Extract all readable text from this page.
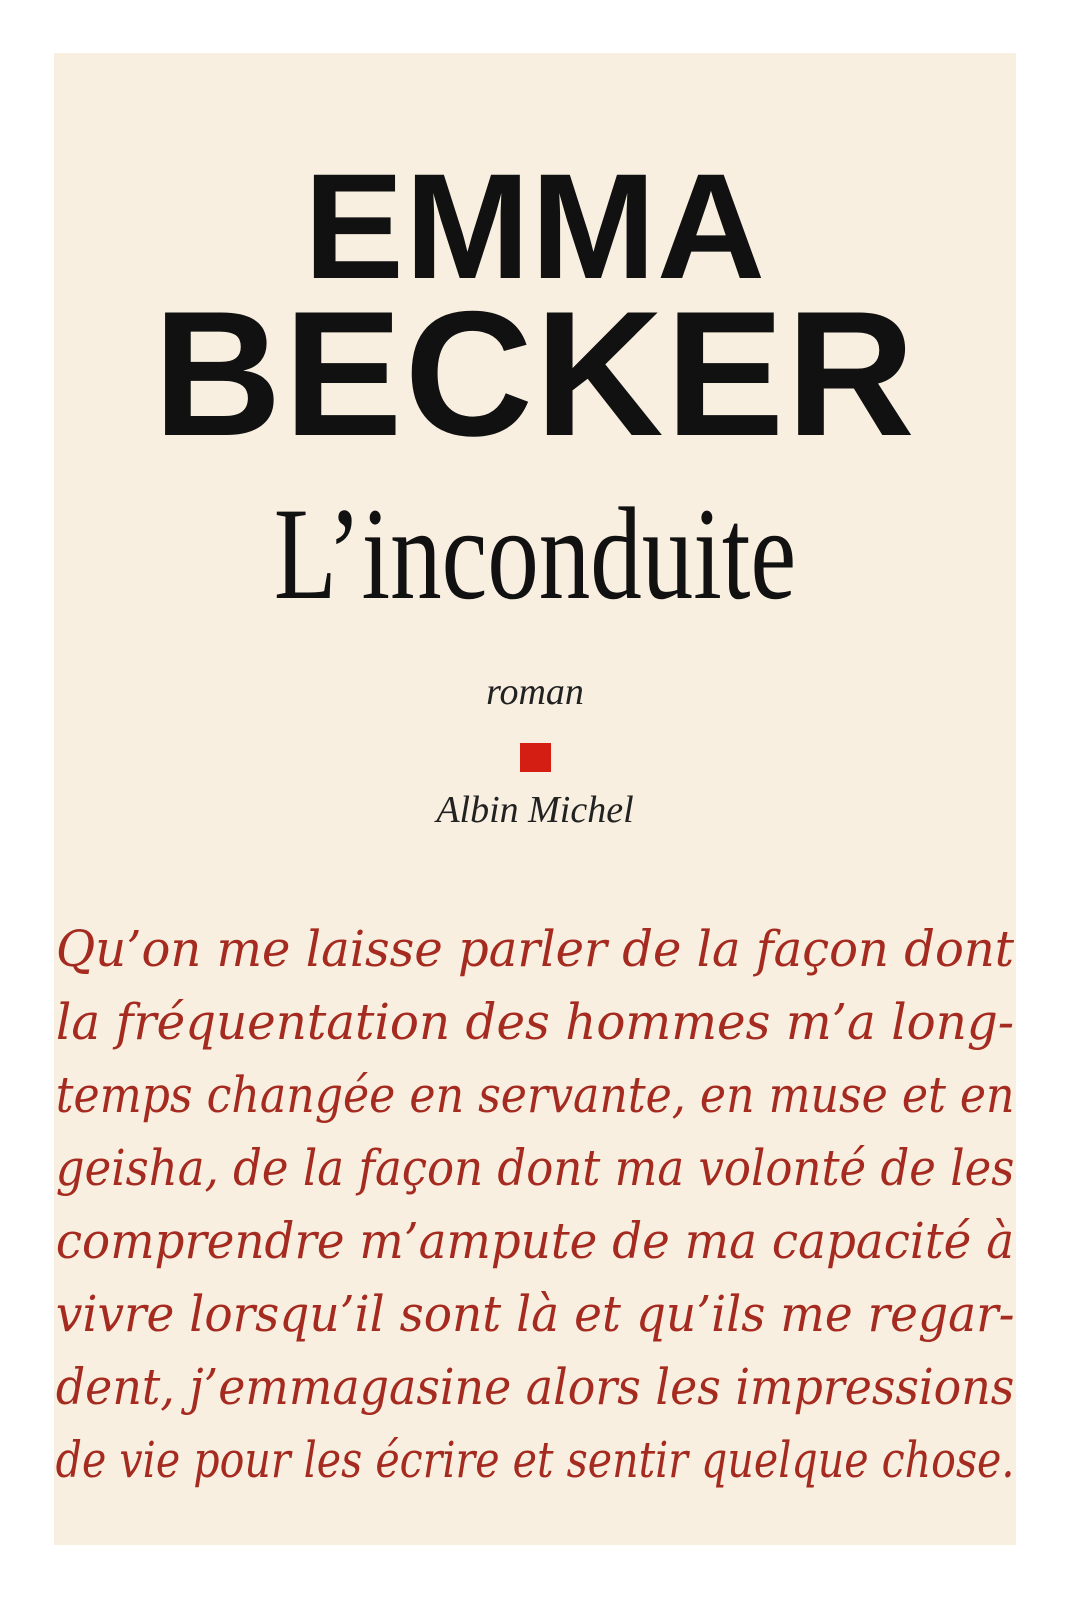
EMMA
BECKER
L’inconduite
roman
Albin Michel
Qu’on me laisse parler de la façon dont
la fréquentation des hommes m’a long-
temps changée en servante, en muse et en
geisha, de la façon dont ma volonté de les
comprendre m’ampute de ma capacité à
vivre lorsqu’il sont là et qu’ils me regar-
dent, j’emmagasine alors les impressions
de vie pour les écrire et sentir quelque chose.
